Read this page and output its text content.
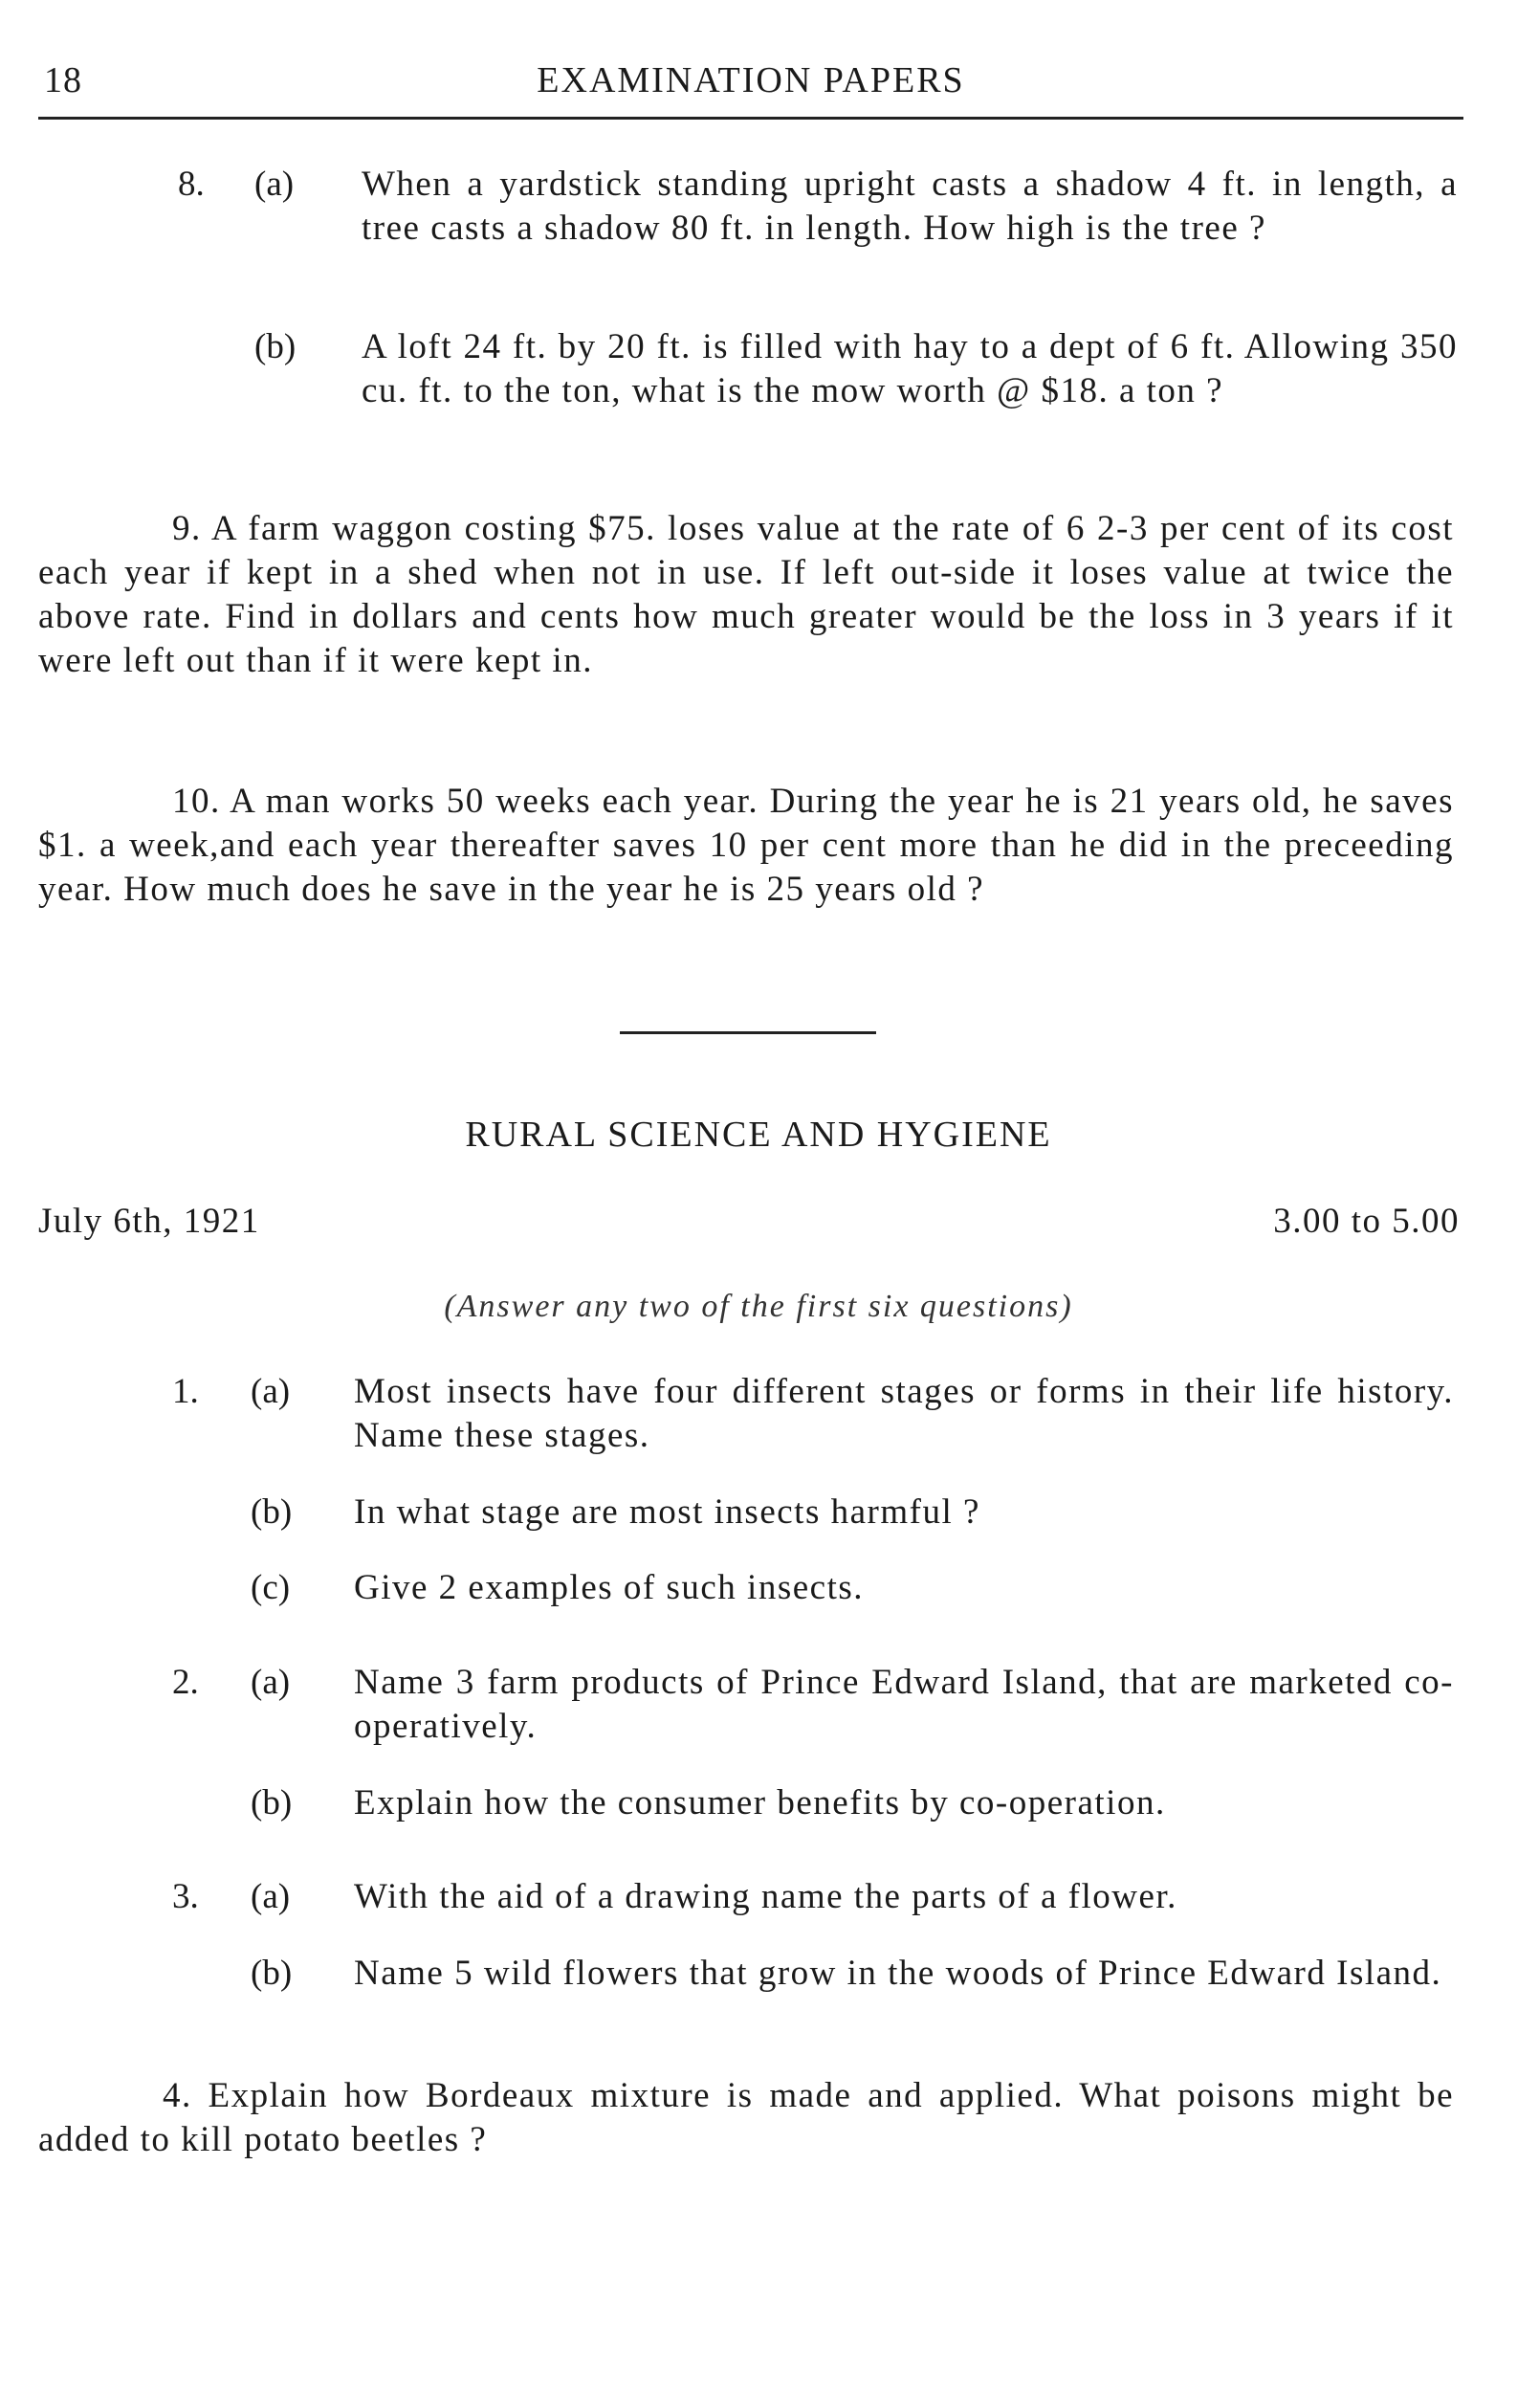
18	EXAMINATION PAPERS
8. (a) When a yardstick standing upright casts a shadow 4 ft. in length, a tree casts a shadow 80 ft. in length. How high is the tree ?
(b) A loft 24 ft. by 20 ft. is filled with hay to a dept of 6 ft. Allowing 350 cu. ft. to the ton, what is the mow worth @ $18. a ton ?
9. A farm waggon costing $75. loses value at the rate of 6 2-3 per cent of its cost each year if kept in a shed when not in use. If left out-side it loses value at twice the above rate. Find in dollars and cents how much greater would be the loss in 3 years if it were left out than if it were kept in.
10. A man works 50 weeks each year. During the year he is 21 years old, he saves $1. a week,and each year thereafter saves 10 per cent more than he did in the preceeding year. How much does he save in the year he is 25 years old ?
RURAL SCIENCE AND HYGIENE
July 6th, 1921	3.00 to 5.00
(Answer any two of the first six questions)
1. (a) Most insects have four different stages or forms in their life history. Name these stages.
(b) In what stage are most insects harmful ?
(c) Give 2 examples of such insects.
2. (a) Name 3 farm products of Prince Edward Island, that are marketed co-operatively.
(b) Explain how the consumer benefits by co-operation.
3. (a) With the aid of a drawing name the parts of a flower.
(b) Name 5 wild flowers that grow in the woods of Prince Edward Island.
4. Explain how Bordeaux mixture is made and applied. What poisons might be added to kill potato beetles ?
